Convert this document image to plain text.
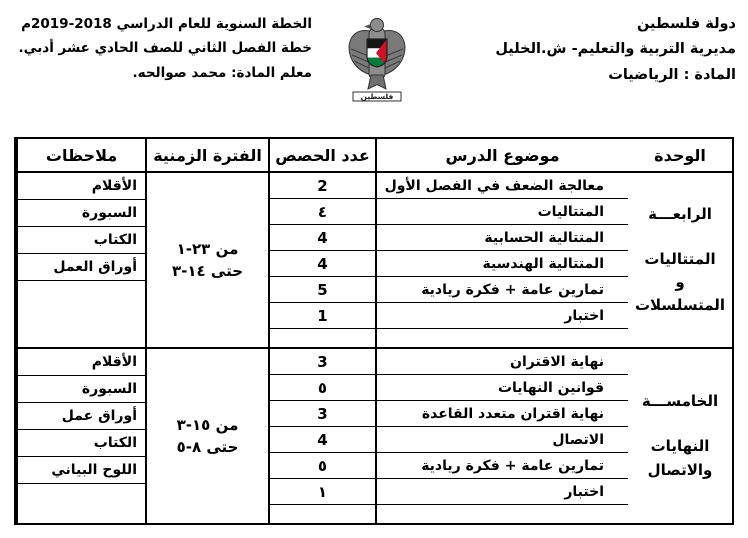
دولة فلسطين
مديرية التربية والتعليم- ش.الخليل
المادة : الرياضيات
فلسطين
الخطة السنوية للعام الدراسي 2018-2019م
خطة الفصل الثاني للصف الحادي عشر أدبي.
معلم المادة: محمد صوالحه.
الوحدة
موضوع الدرس
عدد الحصص
الفترة الزمنية
ملاحظات
الرابعـــة
المتتاليات
و
المتسلسلات
معالجة الضعف في الفصل الأول
المتتاليات
المتتالية الحسابية
المتتالية الهندسية
تمارين عامة + فكرة ريادية
اختبار
2
٤
4
4
5
1
من ٢٣-١
حتى ١٤-٣
الأقلام
السبورة
الكتاب
أوراق العمل
الخامســـة
النهايات
والاتصال
نهاية الاقتران
قوانين النهايات
نهاية اقتران متعدد القاعدة
الاتصال
تمارين عامة + فكرة ريادية
اختبار
3
٥
3
4
٥
١
من ١٥-٣
حتى ٨-٥
الأقلام
السبورة
أوراق عمل
الكتاب
اللوح البياني
